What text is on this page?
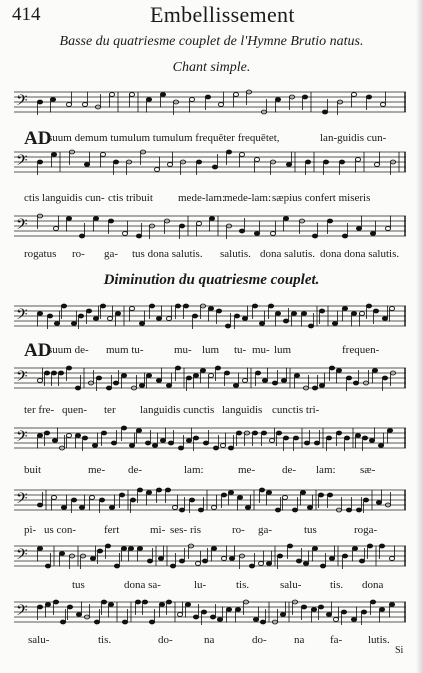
414	Embellissement
Basse du quatriesme couplet de l'Hymne Brutio natus.
Chant simple.
𝄢
AD
suum demum tumulum tumulum frequēter frequētet,	lan-guidis cun-
𝄢
ctis languidis cun- ctis tribuit mede-lam:
mede-lam: sæpius confert miseris
𝄢
rogatus ro- ga- tus dona salutis. salutis. dona salutis. dona dona salutis.
Diminution du quatriesme couplet.
𝄢
AD
suum de- mum tu-	mu- lum tu- mu- lum	frequen-
𝄢
ter fre- quen- ter languidis cunctis languidis cunctis tri-
𝄢
buit	me- de-	lam:	me- de- lam: sæ-
𝄢
pi- us con-	fert	mi- ses- ris	ro- ga-	tus	roga-
𝄢
tus	dona sa-	lu-	tis.	salu-	tis. dona
𝄢
salu-	tis.	do-	na	do- na fa- lutis.
Si
